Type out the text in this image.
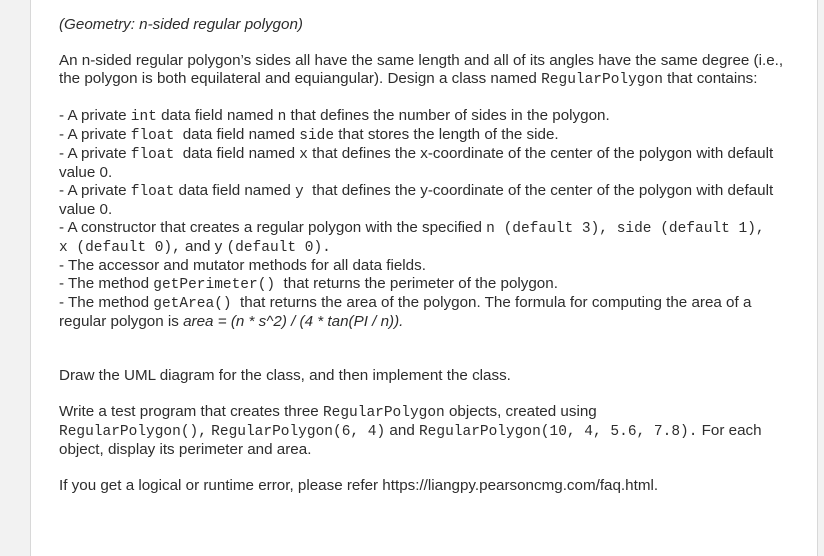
(Geometry: n-sided regular polygon)

An n-sided regular polygon’s sides all have the same length and all of its angles have the same degree (i.e., the polygon is both equilateral and equiangular). Design a class named RegularPolygon that contains:

- A private int data field named n that defines the number of sides in the polygon.
- A private float  data field named side that stores the length of the side.
- A private float  data field named x that defines the x-coordinate of the center of the polygon with default value 0.
- A private float data field named y  that defines the y-coordinate of the center of the polygon with default value 0.
- A constructor that creates a regular polygon with the specified n (default 3), side (default 1),
x (default 0), and y (default 0).
- The accessor and mutator methods for all data fields.
- The method getPerimeter()  that returns the perimeter of the polygon.
- The method getArea()  that returns the area of the polygon. The formula for computing the area of a regular polygon is area = (n * s^2) / (4 * tan(PI / n)).

Draw the UML diagram for the class, and then implement the class.

Write a test program that creates three RegularPolygon objects, created using
RegularPolygon(), RegularPolygon(6, 4) and RegularPolygon(10, 4, 5.6, 7.8). For each object, display its perimeter and area.

If you get a logical or runtime error, please refer https://liangpy.pearsoncmg.com/faq.html.
